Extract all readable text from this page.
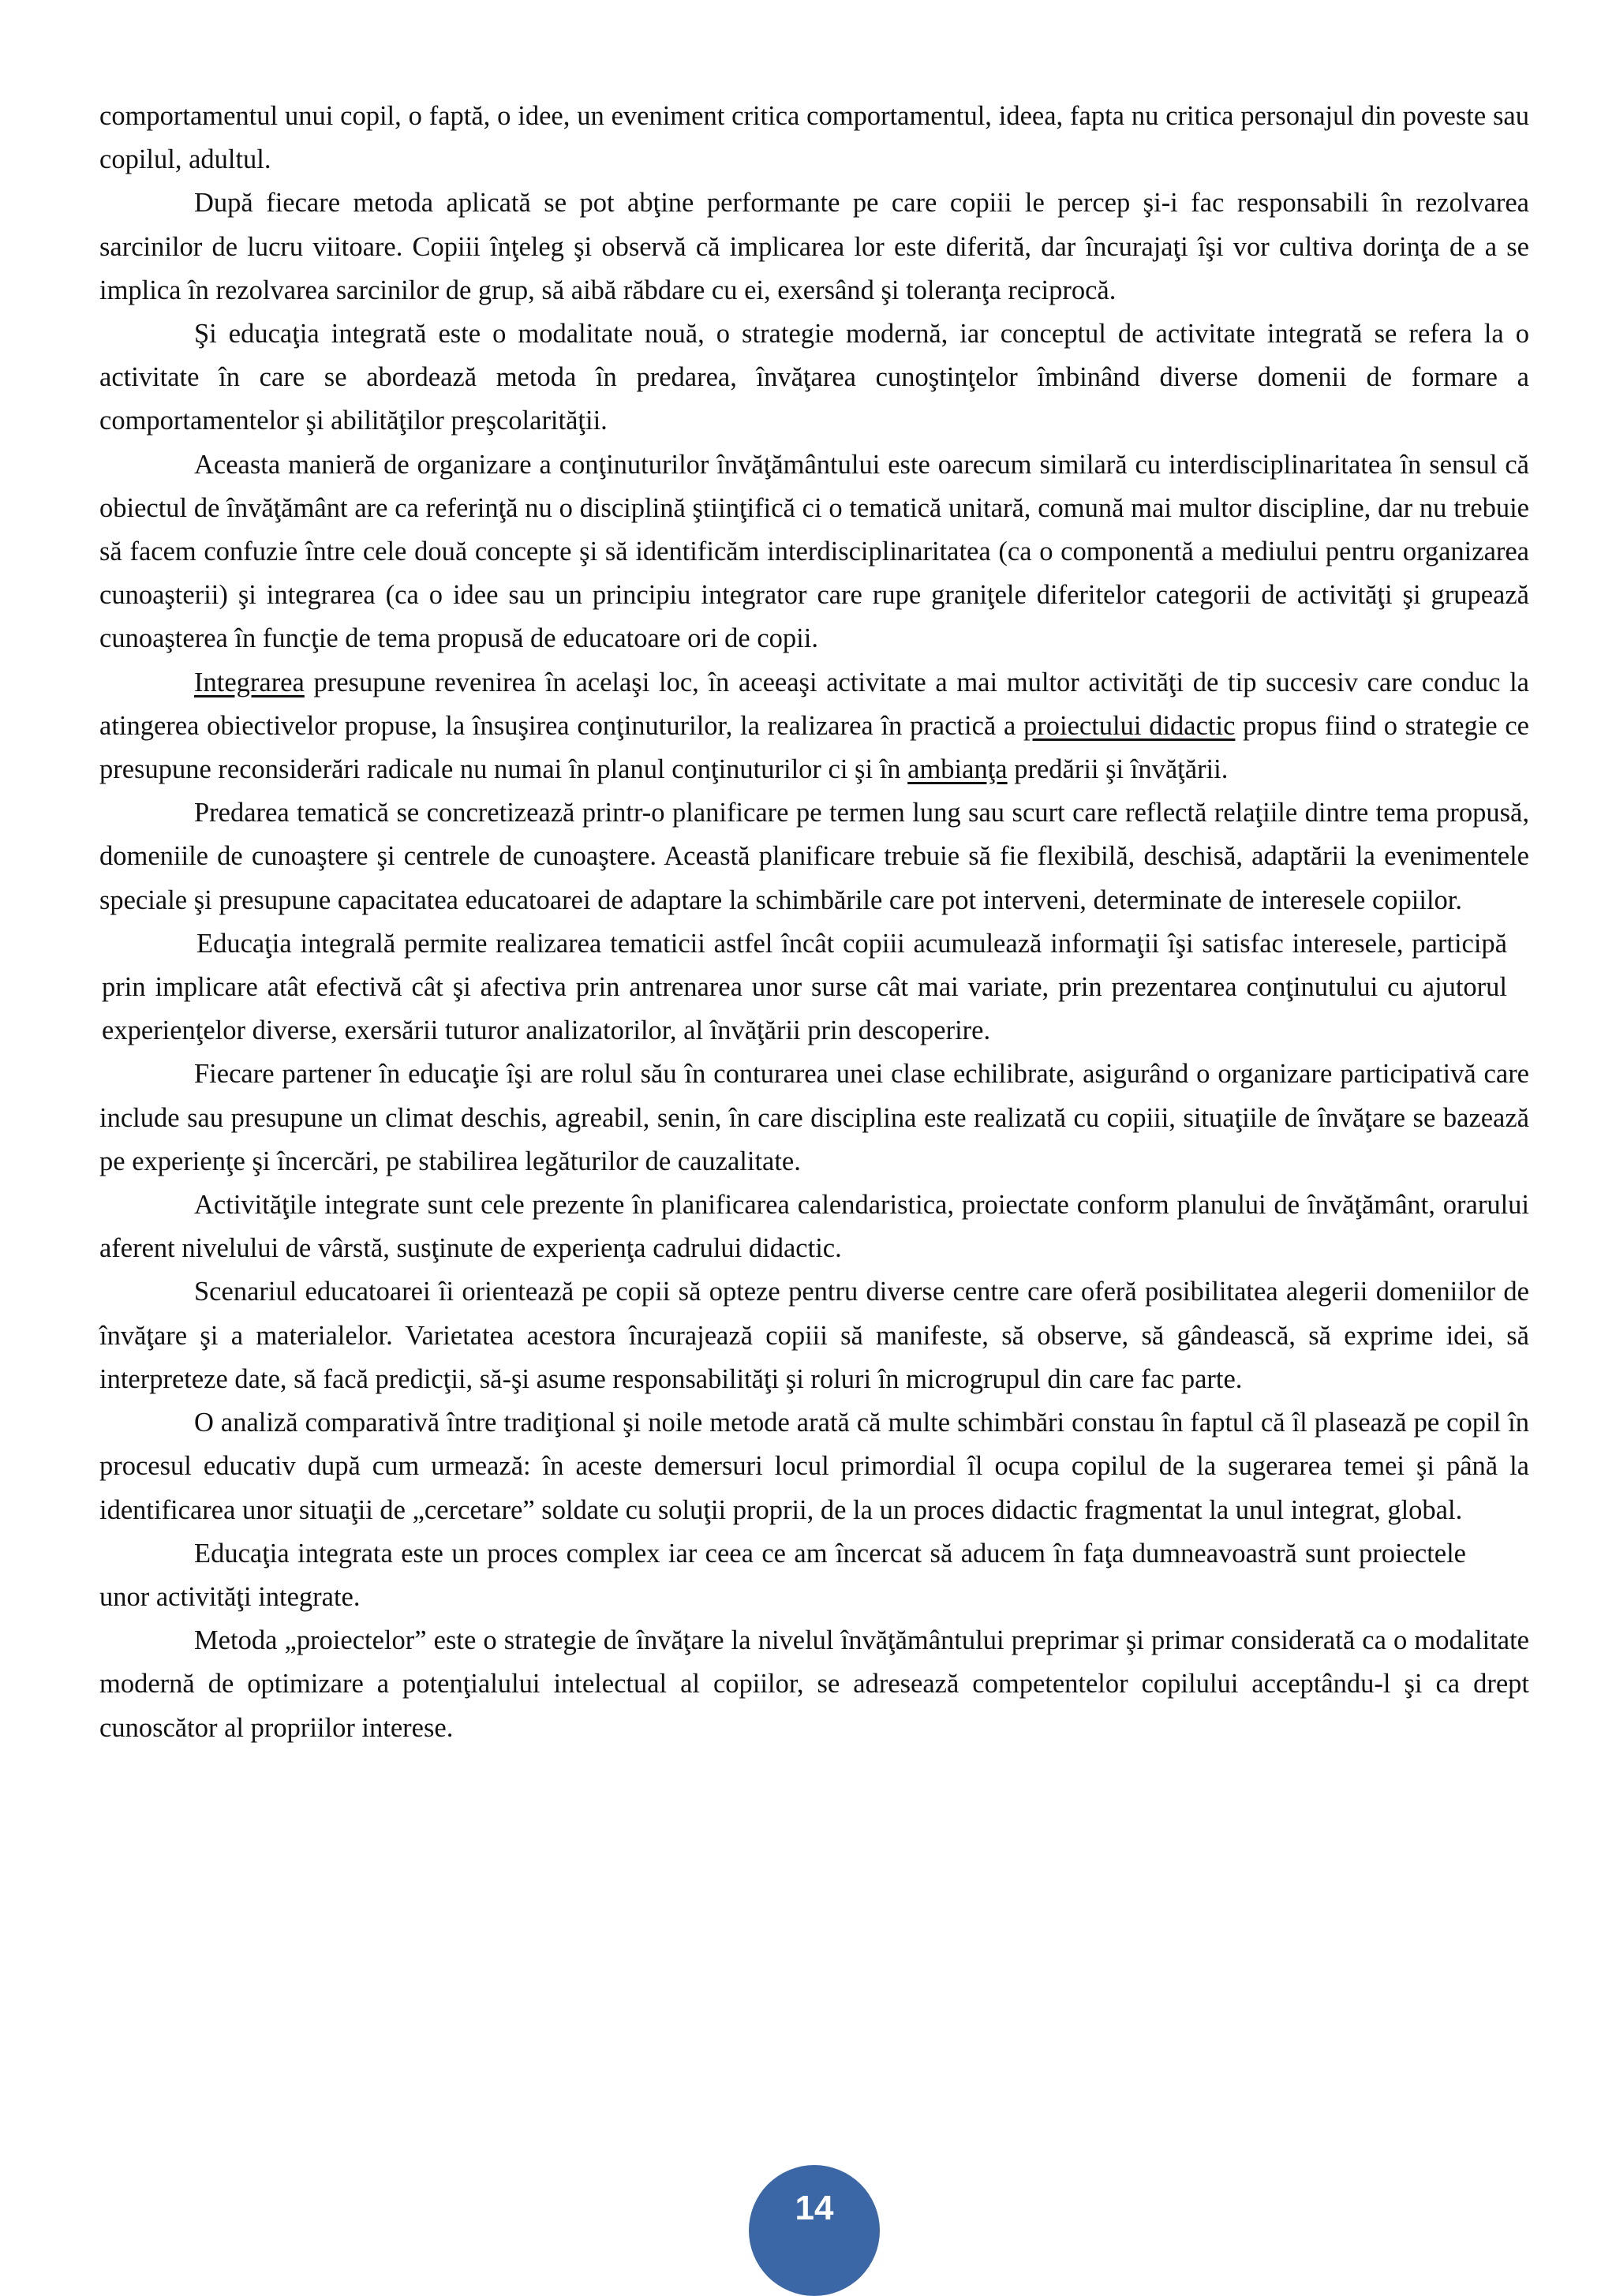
comportamentul unui copil, o faptă, o idee, un eveniment critica comportamentul, ideea, fapta nu critica personajul din poveste sau copilul, adultul.

După fiecare metoda aplicată se pot abţine performante pe care copiii le percep şi-i fac responsabili în rezolvarea sarcinilor de lucru viitoare. Copiii înţeleg şi observă că implicarea lor este diferită, dar încurajaţi îşi vor cultiva dorinţa de a se implica în rezolvarea sarcinilor de grup, să aibă răbdare cu ei, exersând şi toleranţa reciprocă.

Şi educaţia integrată este o modalitate nouă, o strategie modernă, iar conceptul de activitate integrată se refera la o activitate în care se abordează metoda în predarea, învăţarea cunoştinţelor îmbinând diverse domenii de formare a comportamentelor şi abilităţilor preşcolarităţii.

Aceasta manieră de organizare a conţinuturilor învăţământului este oarecum similară cu interdisciplinaritatea în sensul că obiectul de învăţământ are ca referinţă nu o disciplină ştiinţifică ci o tematică unitară, comună mai multor discipline, dar nu trebuie să facem confuzie între cele două concepte şi să identificăm interdisciplinaritatea (ca o componentă a mediului pentru organizarea cunoaşterii) şi integrarea (ca o idee sau un principiu integrator care rupe graniţele diferitelor categorii de activităţi şi grupează cunoaşterea în funcţie de tema propusă de educatoare ori de copii.

Integrarea presupune revenirea în acelaşi loc, în aceeaşi activitate a mai multor activităţi de tip succesiv care conduc la atingerea obiectivelor propuse, la însuşirea conţinuturilor, la realizarea în practică a proiectului didactic propus fiind o strategie ce presupune reconsiderări radicale nu numai în planul conţinuturilor ci şi în ambianţa predării şi învăţării.

Predarea tematică se concretizează printr-o planificare pe termen lung sau scurt care reflectă relaţiile dintre tema propusă, domeniile de cunoaştere şi centrele de cunoaştere. Această planificare trebuie să fie flexibilă, deschisă, adaptării la evenimentele speciale şi presupune capacitatea educatoarei de adaptare la schimbările care pot interveni, determinate de interesele copiilor.

Educaţia integrală permite realizarea tematicii astfel încât copiii acumulează informaţii îşi satisfac interesele, participă prin implicare atât efectivă cât şi afectiva prin antrenarea unor surse cât mai variate, prin prezentarea conţinutului cu ajutorul experienţelor diverse, exersării tuturor analizatorilor, al învăţării prin descoperire.

Fiecare partener în educaţie îşi are rolul său în conturarea unei clase echilibrate, asigurând o organizare participativă care include sau presupune un climat deschis, agreabil, senin, în care disciplina este realizată cu copiii, situaţiile de învăţare se bazează pe experienţe şi încercări, pe stabilirea legăturilor de cauzalitate.

Activităţile integrate sunt cele prezente în planificarea calendaristica, proiectate conform planului de învăţământ, orarului aferent nivelului de vârstă, susţinute de experienţa cadrului didactic.

Scenariul educatoarei îi orientează pe copii să opteze pentru diverse centre care oferă posibilitatea alegerii domeniilor de învăţare şi a materialelor. Varietatea acestora încurajează copiii să manifeste, să observe, să gândească, să exprime idei, să interpreteze date, să facă predicţii, să-şi asume responsabilităţi şi roluri în microgrupul din care fac parte.

O analiză comparativă între tradiţional şi noile metode arată că multe schimbări constau în faptul că îl plasează pe copil în procesul educativ după cum urmează: în aceste demersuri locul primordial îl ocupa copilul de la sugerarea temei şi până la identificarea unor situaţii de „cercetare” soldate cu soluţii proprii, de la un proces didactic fragmentat la unul integrat, global.

Educaţia integrata este un proces complex iar ceea ce am încercat să aducem în faţa dumneavoastră sunt proiectele unor activităţi integrate.

Metoda „proiectelor” este o strategie de învăţare la nivelul învăţământului preprimar şi primar considerată ca o modalitate modernă de optimizare a potenţialului intelectual al copiilor, se adresează competentelor copilului acceptându-l şi ca drept cunoscător al propriilor interese.

14
